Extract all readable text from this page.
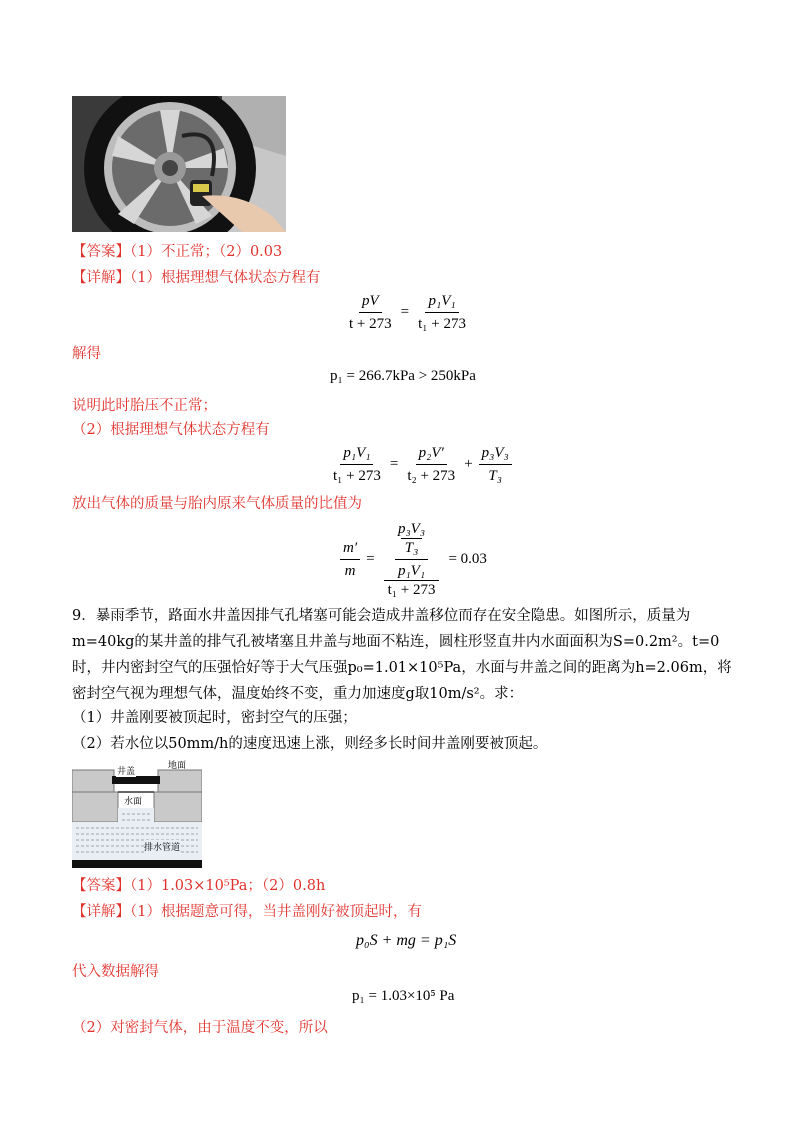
【答案】（1）不正常；（2）0.03
【详解】（1）根据理想气体状态方程有
$\frac{pV}{t + 273} = \frac{\text{p₁V₁}}{\text{t₁ + 273}}$
解得
p₁ = 266.7kPa > 250kPa
说明此时胎压不正常；
（2）根据理想气体状态方程有
$\frac{\text{p₁V₁}}{\text{t₁ + 273}} = \frac{\text{p₂V′}}{\text{t₂ + 273}} + \frac{\text{p₃V₃}}{\text{T₃}}$
放出气体的质量与胎内原来气体质量的比值为
$\frac{m'}{m} = p_3V_3$
T₃
$\frac{\text{p₁V₁}}{\text{t₁ + 273}} = 0.03$
9．暴雨季节，路面水井盖因排气孔堵塞可能会造成井盖移位而存在安全隐患。如图所示，质量为m=40kg的某井盖的排气孔被堵塞且井盖与地面不粘连，圆柱形竖直井内水面面积为S=0.2m²。t=0时，井内密封空气的压强恰好等于大气压强p₀=1.01×10⁵Pa，水面与井盖之间的距离为h=2.06m，将密封空气视为理想气体，温度始终不变，重力加速度g取10m/s²。求：
（1）井盖刚要被顶起时，密封空气的压强；
（2）若水位以50mm/h的速度迅速上涨，则经多长时间井盖刚要被顶起。
井盖
地面
水面
排水管道
【答案】（1）1.03×10⁵Pa；（2）0.8h
【详解】（1）根据题意可得，当井盖刚好被顶起时，有
p₀S + mg = p₁S
代入数据解得
p₁ = 1.03×10⁵ Pa
（2）对密封气体，由于温度不变，所以
